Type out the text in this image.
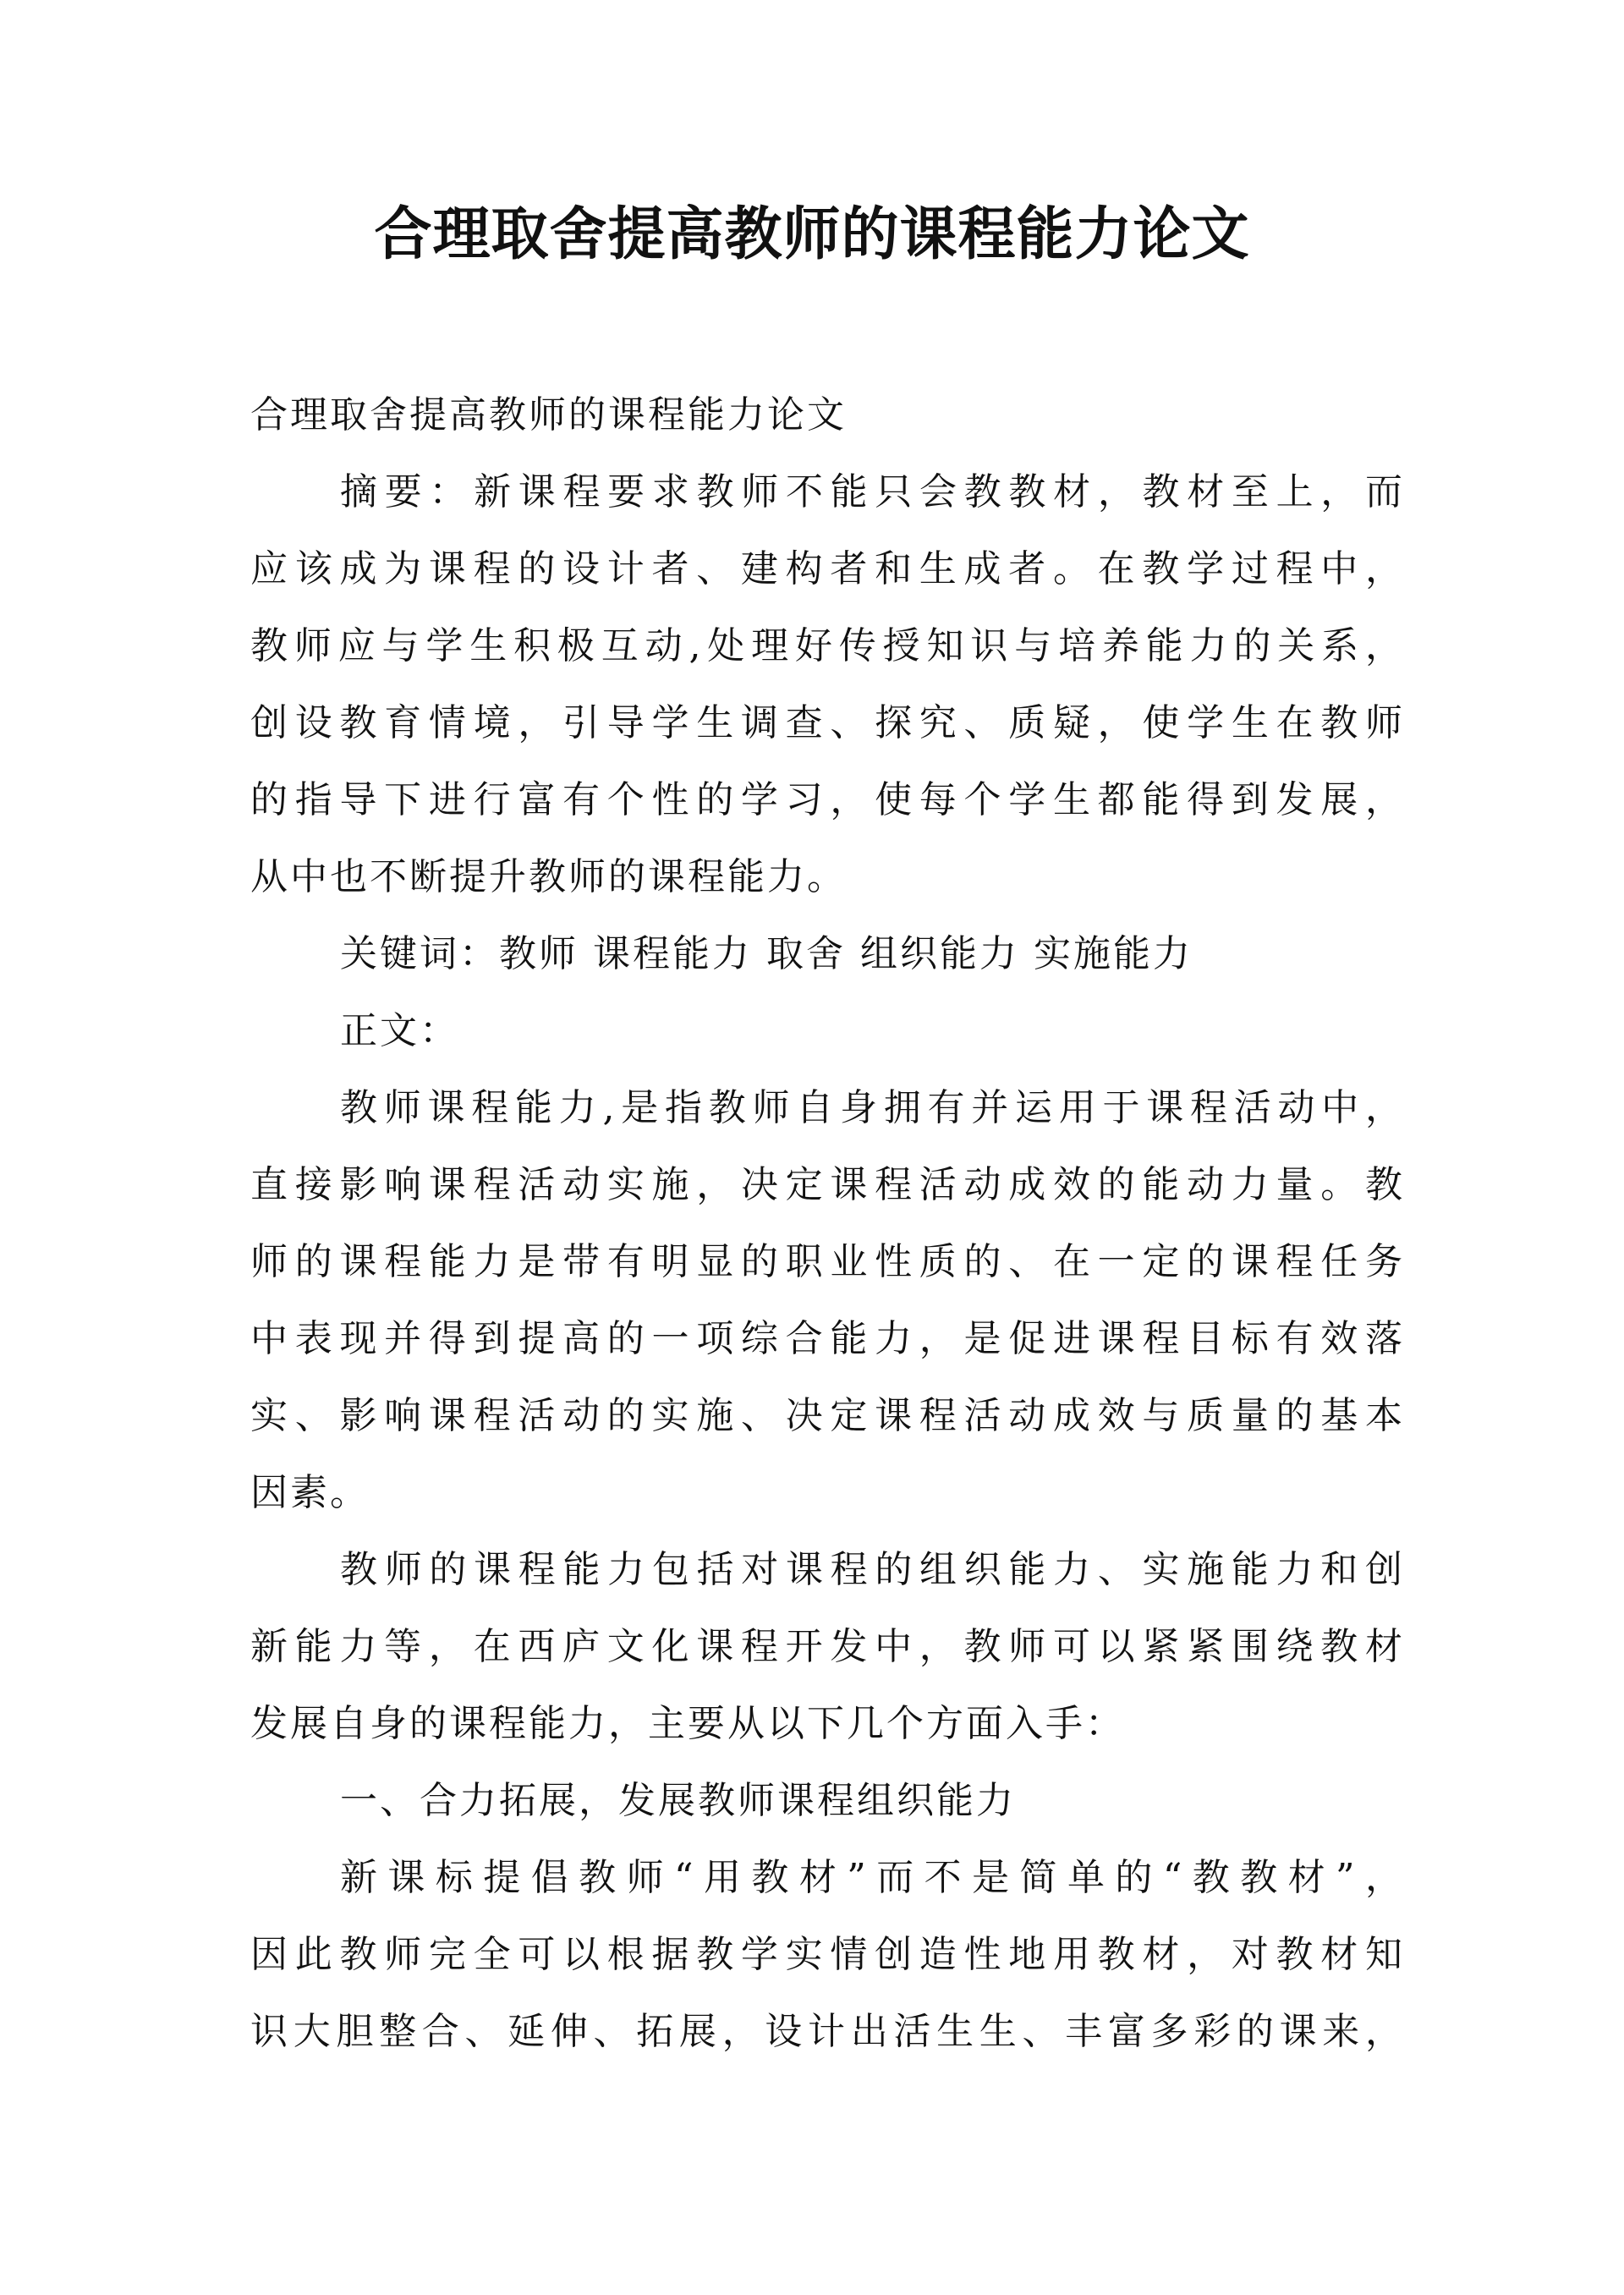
合理取舍提高教师的课程能力论文
合理取舍提高教师的课程能力论文
摘要：新课程要求教师不能只会教教材，教材至上，而
应该成为课程的设计者、建构者和生成者。在教学过程中，
教师应与学生积极互动,处理好传授知识与培养能力的关系，
创设教育情境，引导学生调查、探究、质疑，使学生在教师
的指导下进行富有个性的学习，使每个学生都能得到发展，
从中也不断提升教师的课程能力。
关键词：教师 课程能力 取舍 组织能力 实施能力
正文：
教师课程能力,是指教师自身拥有并运用于课程活动中，
直接影响课程活动实施，决定课程活动成效的能动力量。教
师的课程能力是带有明显的职业性质的、在一定的课程任务
中表现并得到提高的一项综合能力，是促进课程目标有效落
实、影响课程活动的实施、决定课程活动成效与质量的基本
因素。
教师的课程能力包括对课程的组织能力、实施能力和创
新能力等，在西庐文化课程开发中，教师可以紧紧围绕教材
发展自身的课程能力，主要从以下几个方面入手：
一、合力拓展，发展教师课程组织能力
新课标提倡教师“用教材”而不是简单的“教教材”，
因此教师完全可以根据教学实情创造性地用教材，对教材知
识大胆整合、延伸、拓展，设计出活生生、丰富多彩的课来，
